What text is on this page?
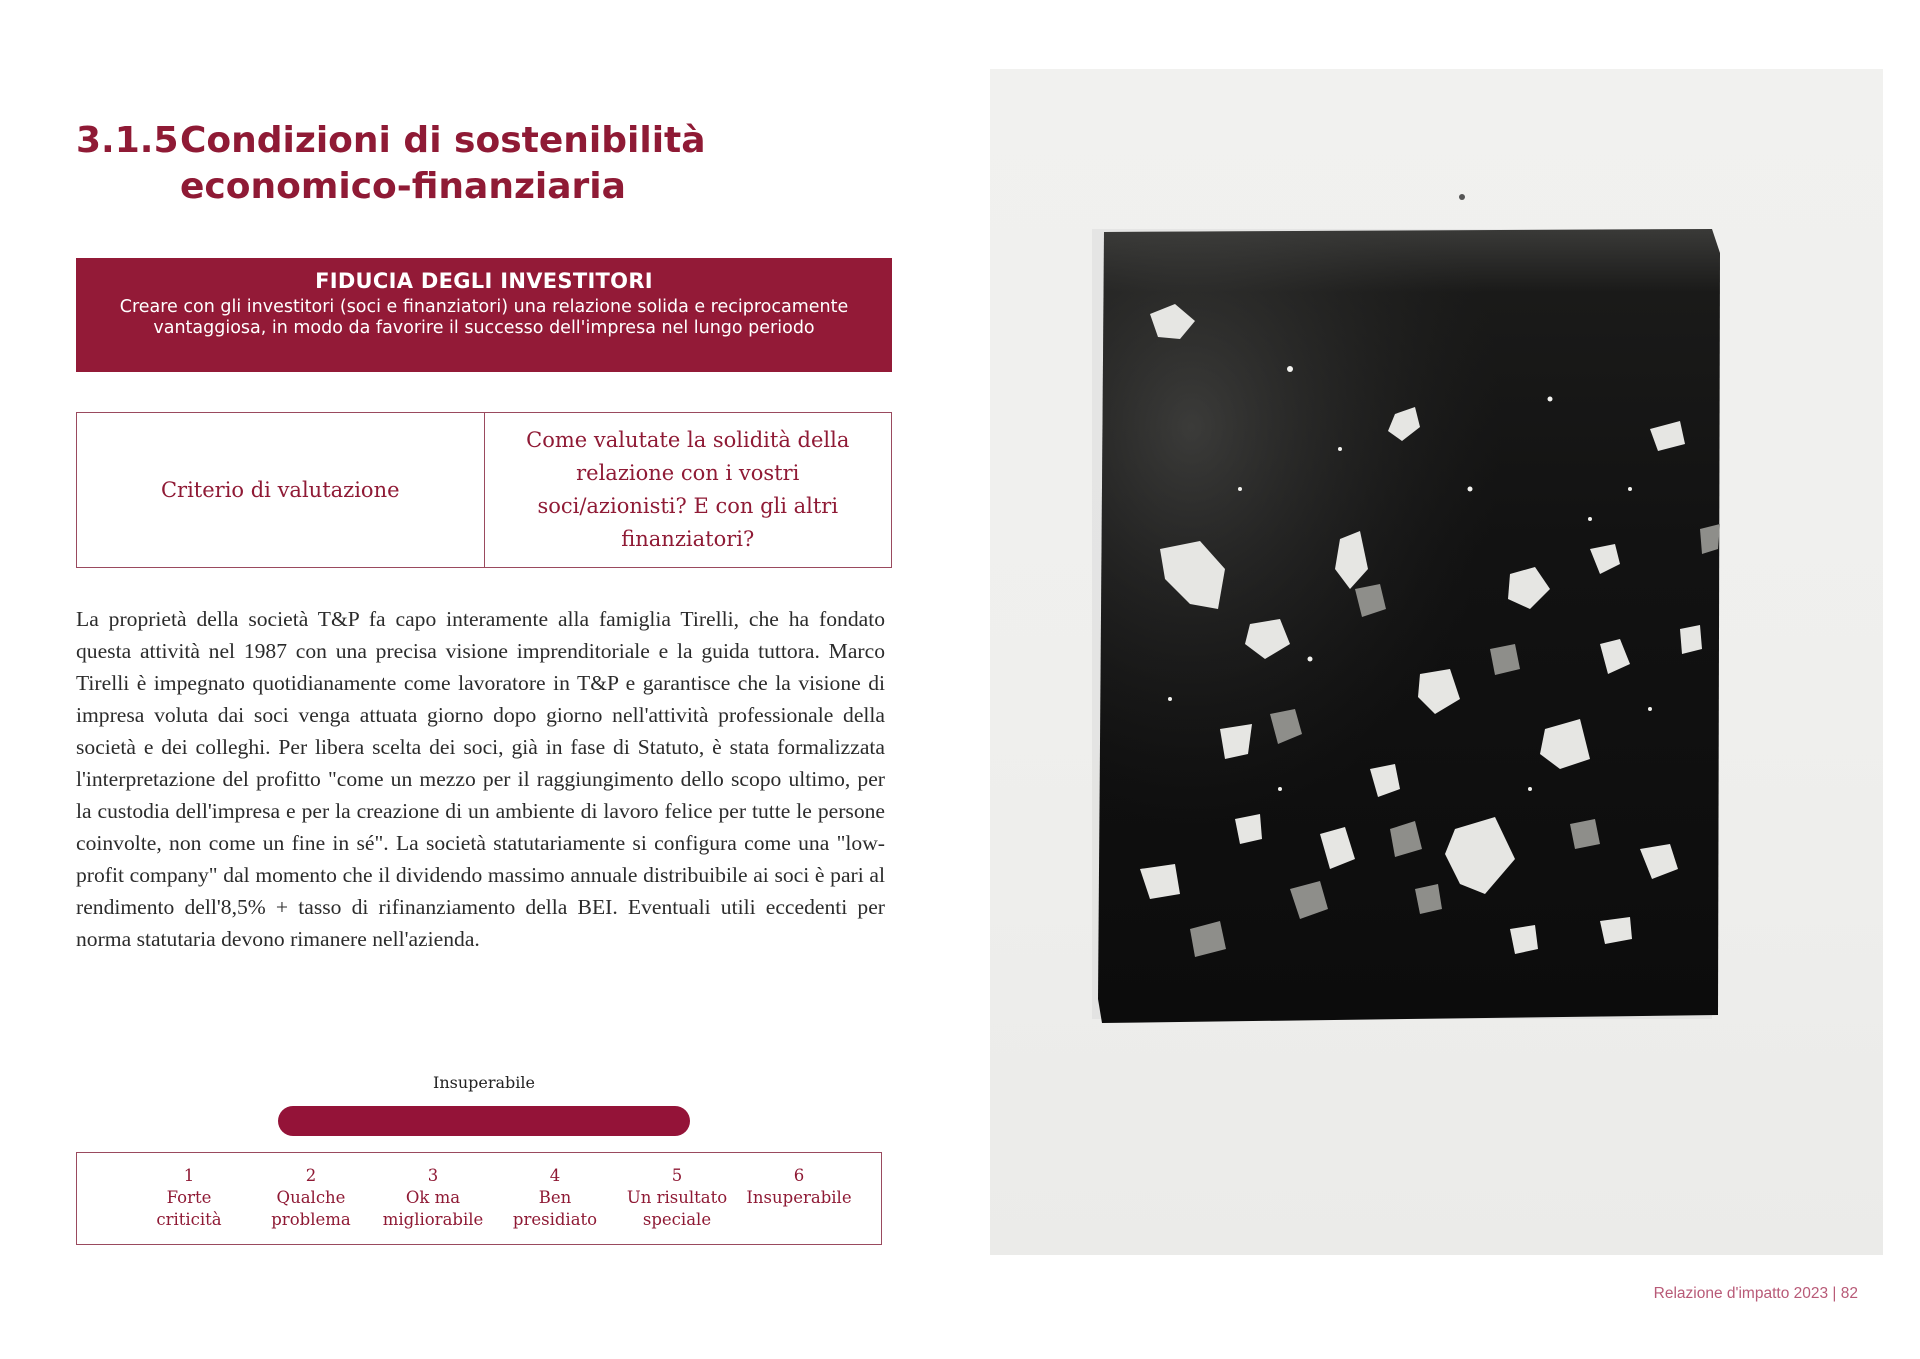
3.1.5 Condizioni di sostenibilità economico-finanziaria
FIDUCIA DEGLI INVESTITORI
Creare con gli investitori (soci e finanziatori) una relazione solida e reciprocamente vantaggiosa, in modo da favorire il successo dell'impresa nel lungo periodo
Criterio di valutazione
Come valutate la solidità della relazione con i vostri soci/azionisti? E con gli altri finanziatori?

La proprietà della società T&P fa capo interamente alla famiglia Tirelli, che ha fondato questa attività nel 1987 con una precisa visione imprenditoriale e la guida tuttora. Marco Tirelli è impegnato quotidianamente come lavoratore in T&P e garantisce che la visione di impresa voluta dai soci venga attuata giorno dopo giorno nell'attività professionale della società e dei colleghi. Per libera scelta dei soci, già in fase di Statuto, è stata formalizzata l'interpretazione del profitto "come un mezzo per il raggiungimento dello scopo ultimo, per la custodia dell'impresa e per la creazione di un ambiente di lavoro felice per tutte le persone coinvolte, non come un fine in sé". La società statutariamente si configura come una "low-profit company" dal momento che il dividendo massimo annuale distribuibile ai soci è pari al rendimento dell'8,5% + tasso di rifinanziamento della BEI. Eventuali utili eccedenti per norma statutaria devono rimanere nell'azienda.

Insuperabile
1
Forte
criticità
2
Qualche
problema
3
Ok ma
migliorabile
4
Ben
presidiato
5
Un risultato
speciale
6
Insuperabile
Relazione d'impatto 2023 | 82
